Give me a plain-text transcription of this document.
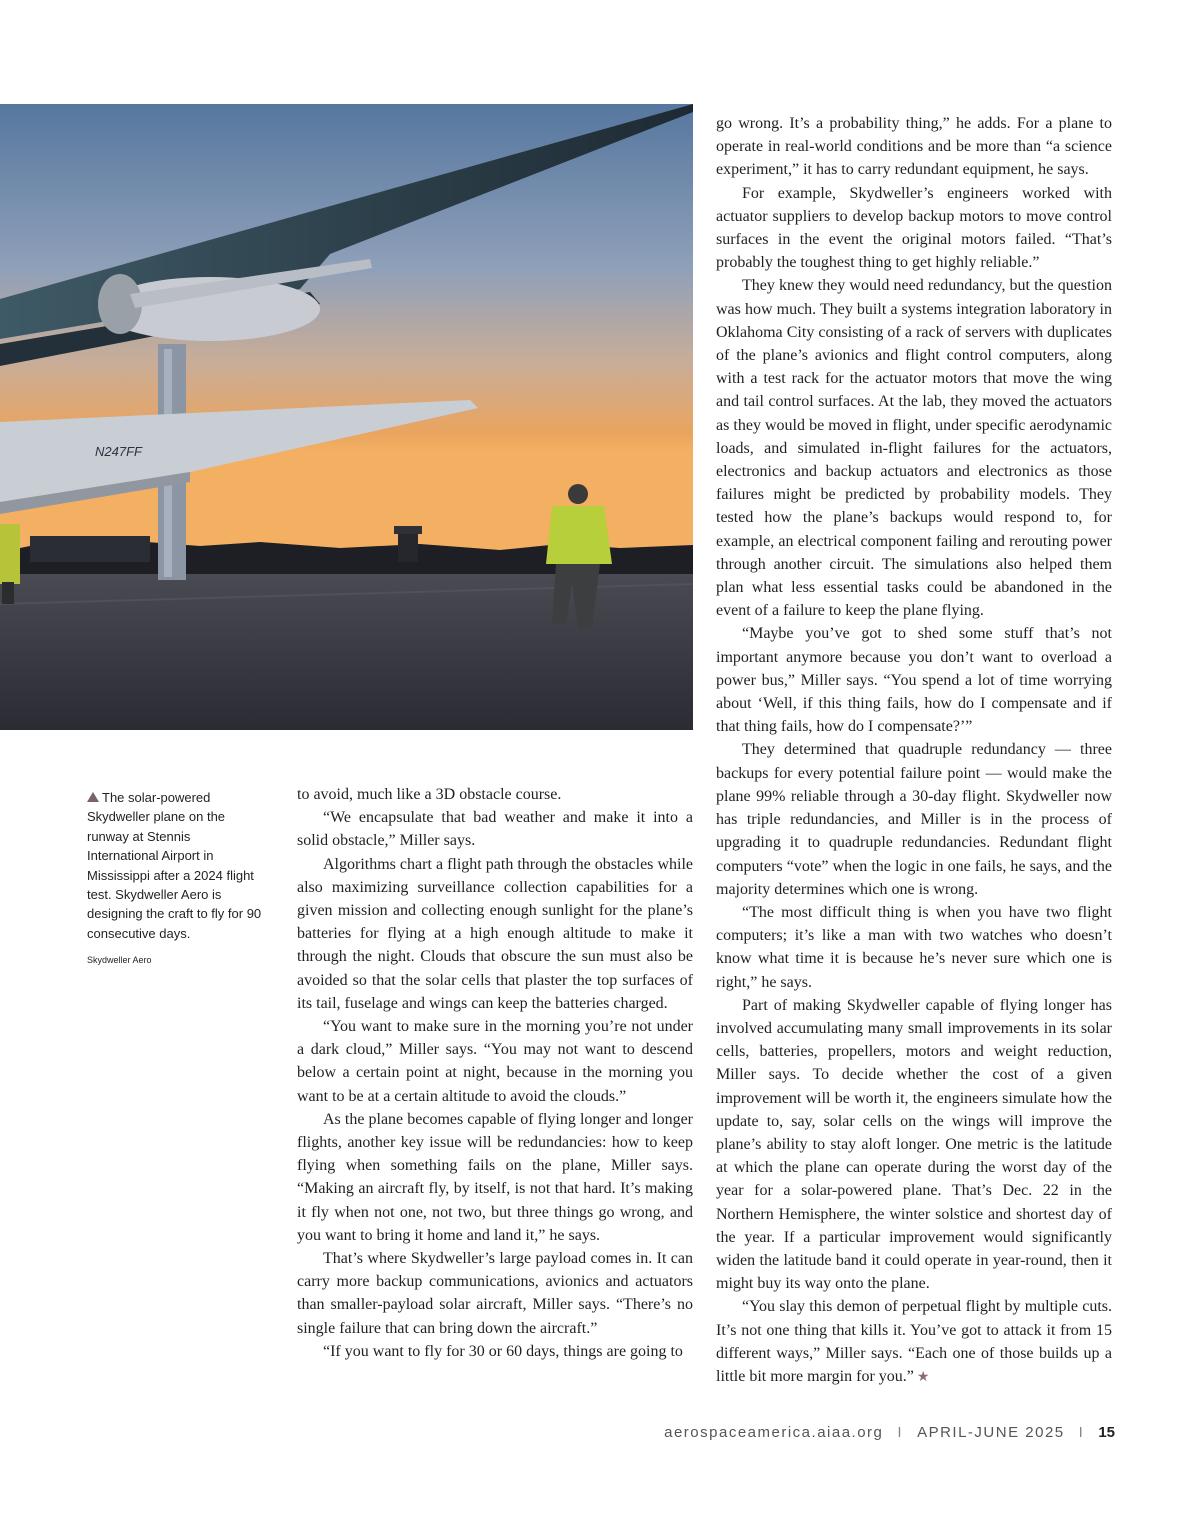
N247FF
The solar-powered Skydweller plane on the runway at Stennis International Airport in Mississippi after a 2024 flight test. Skydweller Aero is designing the craft to fly for 90 consecutive days.
Skydweller Aero

to avoid, much like a 3D obstacle course.

“We encapsulate that bad weather and make it into a solid obstacle,” Miller says.

Algorithms chart a flight path through the obstacles while also maximizing surveillance collection capabilities for a given mission and collecting enough sunlight for the plane’s batteries for flying at a high enough altitude to make it through the night. Clouds that obscure the sun must also be avoided so that the solar cells that plaster the top surfaces of its tail, fuselage and wings can keep the batteries charged.

“You want to make sure in the morning you’re not under a dark cloud,” Miller says. “You may not want to descend below a certain point at night, because in the morning you want to be at a certain altitude to avoid the clouds.”

As the plane becomes capable of flying longer and longer flights, another key issue will be redundancies: how to keep flying when something fails on the plane, Miller says. “Making an aircraft fly, by itself, is not that hard. It’s making it fly when not one, not two, but three things go wrong, and you want to bring it home and land it,” he says.

That’s where Skydweller’s large payload comes in. It can carry more backup communications, avionics and actuators than smaller-payload solar aircraft, Miller says. “There’s no single failure that can bring down the aircraft.”

“If you want to fly for 30 or 60 days, things are going to

go wrong. It’s a probability thing,” he adds. For a plane to operate in real-world conditions and be more than “a science experiment,” it has to carry redundant equipment, he says.

For example, Skydweller’s engineers worked with actuator suppliers to develop backup motors to move control surfaces in the event the original motors failed. “That’s probably the toughest thing to get highly reliable.”

They knew they would need redundancy, but the question was how much. They built a systems integration laboratory in Oklahoma City consisting of a rack of servers with duplicates of the plane’s avionics and flight control computers, along with a test rack for the actuator motors that move the wing and tail control surfaces. At the lab, they moved the actuators as they would be moved in flight, under specific aerodynamic loads, and simulated in-flight failures for the actuators, electronics and backup actuators and electronics as those failures might be predicted by probability models. They tested how the plane’s backups would respond to, for example, an electrical component failing and rerouting power through another circuit. The simulations also helped them plan what less essential tasks could be abandoned in the event of a failure to keep the plane flying.

“Maybe you’ve got to shed some stuff that’s not important anymore because you don’t want to overload a power bus,” Miller says. “You spend a lot of time worrying about ‘Well, if this thing fails, how do I compensate and if that thing fails, how do I compensate?’”

They determined that quadruple redundancy — three backups for every potential failure point — would make the plane 99% reliable through a 30-day flight. Skydweller now has triple redundancies, and Miller is in the process of upgrading it to quadruple redundancies. Redundant flight computers “vote” when the logic in one fails, he says, and the majority determines which one is wrong.

“The most difficult thing is when you have two flight computers; it’s like a man with two watches who doesn’t know what time it is because he’s never sure which one is right,” he says.

Part of making Skydweller capable of flying longer has involved accumulating many small improvements in its solar cells, batteries, propellers, motors and weight reduction, Miller says. To decide whether the cost of a given improvement will be worth it, the engineers simulate how the update to, say, solar cells on the wings will improve the plane’s ability to stay aloft longer. One metric is the latitude at which the plane can operate during the worst day of the year for a solar-powered plane. That’s Dec. 22 in the Northern Hemisphere, the winter solstice and shortest day of the year. If a particular improvement would significantly widen the latitude band it could operate in year-round, then it might buy its way onto the plane.

“You slay this demon of perpetual flight by multiple cuts. It’s not one thing that kills it. You’ve got to attack it from 15 different ways,” Miller says. “Each one of those builds up a little bit more margin for you.” ★

aerospaceamerica.aiaa.org I APRIL-JUNE 2025 I 15
